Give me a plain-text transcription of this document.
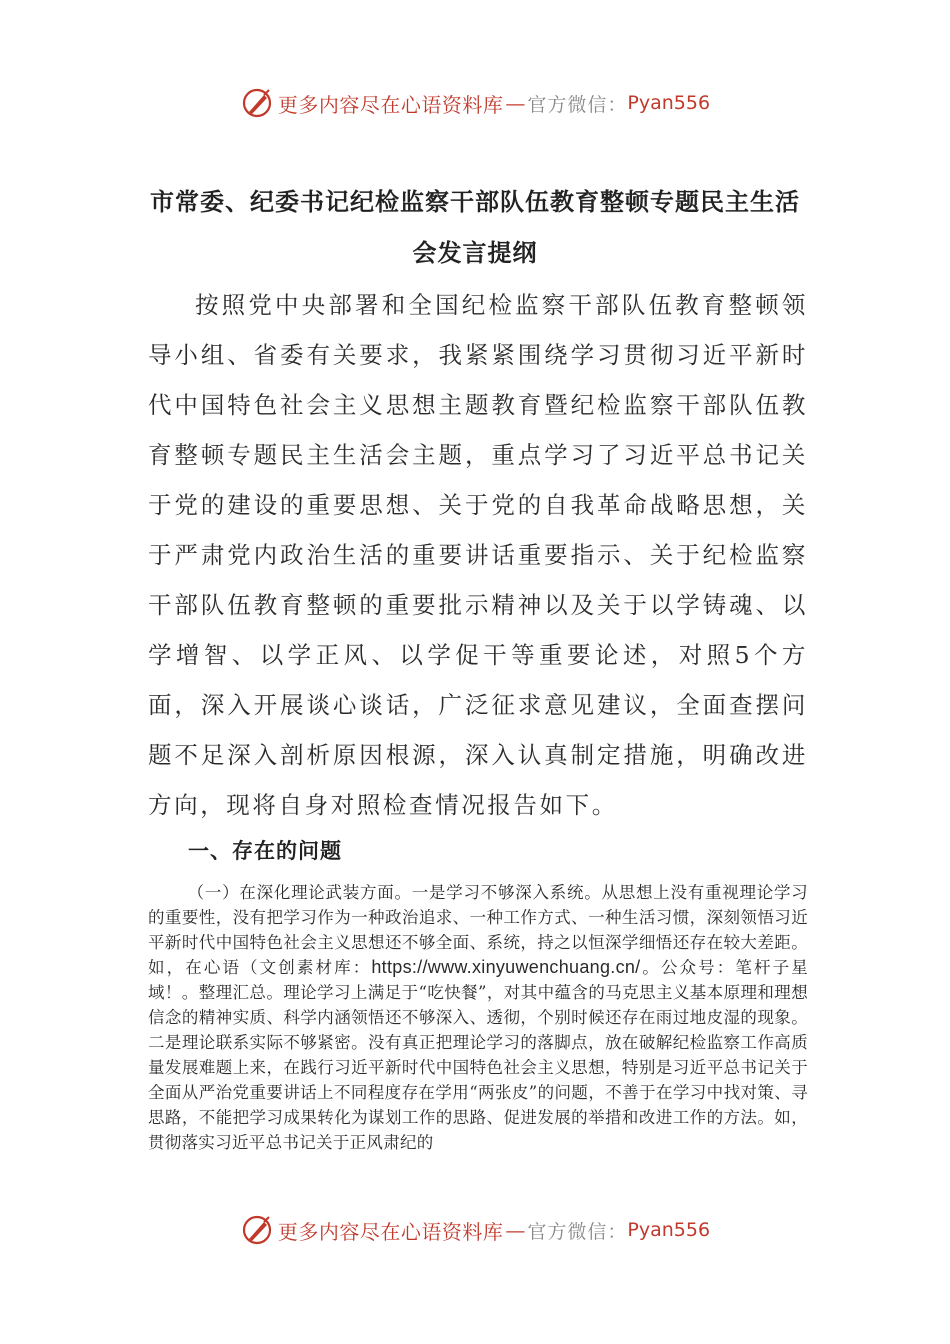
更多内容尽在心语资料库 — 官方微信： Pyan556
市常委、纪委书记纪检监察干部队伍教育整顿专题民主生活会发言提纲

按照党中央部署和全国纪检监察干部队伍教育整顿领导小组、省委有关要求，我紧紧围绕学习贯彻习近平新时代中国特色社会主义思想主题教育暨纪检监察干部队伍教育整顿专题民主生活会主题，重点学习了习近平总书记关于党的建设的重要思想、关于党的自我革命战略思想，关于严肃党内政治生活的重要讲话重要指示、关于纪检监察干部队伍教育整顿的重要批示精神以及关于以学铸魂、以学增智、以学正风、以学促干等重要论述，对照5个方面，深入开展谈心谈话，广泛征求意见建议，全面查摆问题不足深入剖析原因根源，深入认真制定措施，明确改进方向，现将自身对照检查情况报告如下。

一、存在的问题

（一）在深化理论武装方面。一是学习不够深入系统。从思想上没有重视理论学习的重要性，没有把学习作为一种政治追求、一种工作方式、一种生活习惯，深刻领悟习近平新时代中国特色社会主义思想还不够全面、系统，持之以恒深学细悟还存在较大差距。如，在心语（文创素材库：https://www.xinyuwenchuang.cn/。公众号：笔杆子星域！。整理汇总。理论学习上满足于“吃快餐”，对其中蕴含的马克思主义基本原理和理想信念的精神实质、科学内涵领悟还不够深入、透彻，个别时候还存在雨过地皮湿的现象。二是理论联系实际不够紧密。没有真正把理论学习的落脚点，放在破解纪检监察工作高质量发展难题上来，在践行习近平新时代中国特色社会主义思想，特别是习近平总书记关于全面从严治党重要讲话上不同程度存在学用“两张皮”的问题，不善于在学习中找对策、寻思路，不能把学习成果转化为谋划工作的思路、促进发展的举措和改进工作的方法。如，贯彻落实习近平总书记关于正风肃纪的

更多内容尽在心语资料库 — 官方微信： Pyan556
